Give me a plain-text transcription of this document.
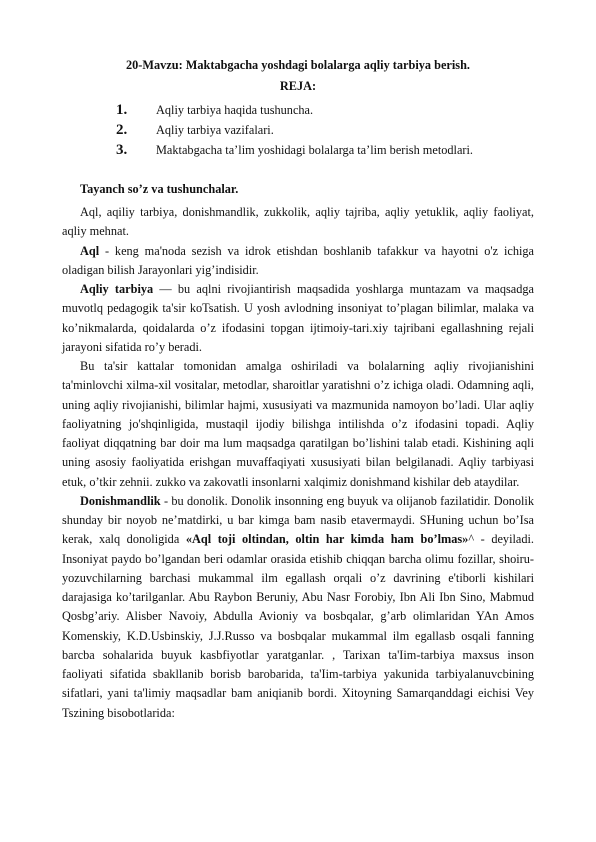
20-Mavzu: Maktabgacha yoshdagi bolalarga aqliy tarbiya berish.

REJA:

1.	Aqliy tarbiya haqida tushuncha.
2.	Aqliy tarbiya vazifalari.
3.	Maktabgacha ta’lim yoshidagi bolalarga ta’lim berish metodlari.

Tayanch so’z va tushunchalar.

Aql, aqiliy tarbiya, donishmandlik, zukkolik, aqliy tajriba, aqliy yetuklik, aqliy faoliyat, aqliy mehnat.

Aql - keng ma'noda sezish va idrok etishdan boshlanib tafakkur va hayotni o'z ichiga oladigan bilish Jarayonlari yig’indisidir.

Aqliy tarbiya — bu aqlni rivojiantirish maqsadida yoshlarga muntazam va maqsadga muvotlq pedagogik ta'sir koTsatish. U yosh avlodning insoniyat to’plagan bilimlar, malaka va ko’nikmalarda, qoidalarda o’z ifodasini topgan ijtimoiy-tari.xiy tajribani egallashning rejali jarayoni sifatida ro’y beradi.

Bu ta'sir kattalar tomonidan amalga oshiriladi va bolalarning aqliy rivojianishini ta'minlovchi xilma-xil vositalar, metodlar, sharoitlar yaratishni o’z ichiga oladi. Odamning aqli, uning aqliy rivojianishi, bilimlar hajmi, xususiyati va mazmunida namoyon bo’ladi. Ular aqliy faoliyatning jo'shqinligida, mustaqil ijodiy bilishga intilishda o’z ifodasini topadi. Aqliy faoliyat diqqatning bar doir ma lum maqsadga qaratilgan bo’lishini talab etadi. Kishining aqli uning asosiy faoliyatida erishgan muvaffaqiyati xususiyati bilan belgilanadi. Aqliy tarbiyasi etuk, o’tkir zehnii. zukko va zakovatli insonlarni xalqimiz donishmand kishilar deb ataydilar.

Donishmandlik - bu donolik. Donolik insonning eng buyuk va olijanob fazilatidir. Donolik shunday bir noyob ne’matdirki, u bar kimga bam nasib etavermaydi. SHuning uchun bo’Isa kerak, xalq donoligida «Aql toji oltindan, oltin har kimda ham bo’lmas»^ - deyiladi. Insoniyat paydo bo’lgandan beri odamlar orasida etishib chiqqan barcha olimu fozillar, shoiru-yozuvchilarning barchasi mukammal ilm egallash orqali o’z davrining e'tiborli kishilari darajasiga ko’tarilganlar. Abu Raybon Beruniy, Abu Nasr Forobiy, Ibn Ali Ibn Sino, Mabmud Qosbg’ariy. Alisber Navoiy, Abdulla Avioniy va bosbqalar, g’arb olimlaridan YAn Amos Komenskiy, K.D.Usbinskiy, J.J.Russo va bosbqalar mukammal ilm egallasb osqali fanning barcba sohalarida buyuk kasbfiyotlar yaratganlar. , Tarixan ta'Iim-tarbiya maxsus inson faoliyati sifatida sbakllanib borisb barobarida, ta'Iim-tarbiya yakunida tarbiyalanuvcbining sifatlari, yani ta'limiy maqsadlar bam aniqianib bordi. Xitoyning Samarqanddagi eichisi Vey Tszining bisobotlarida:
